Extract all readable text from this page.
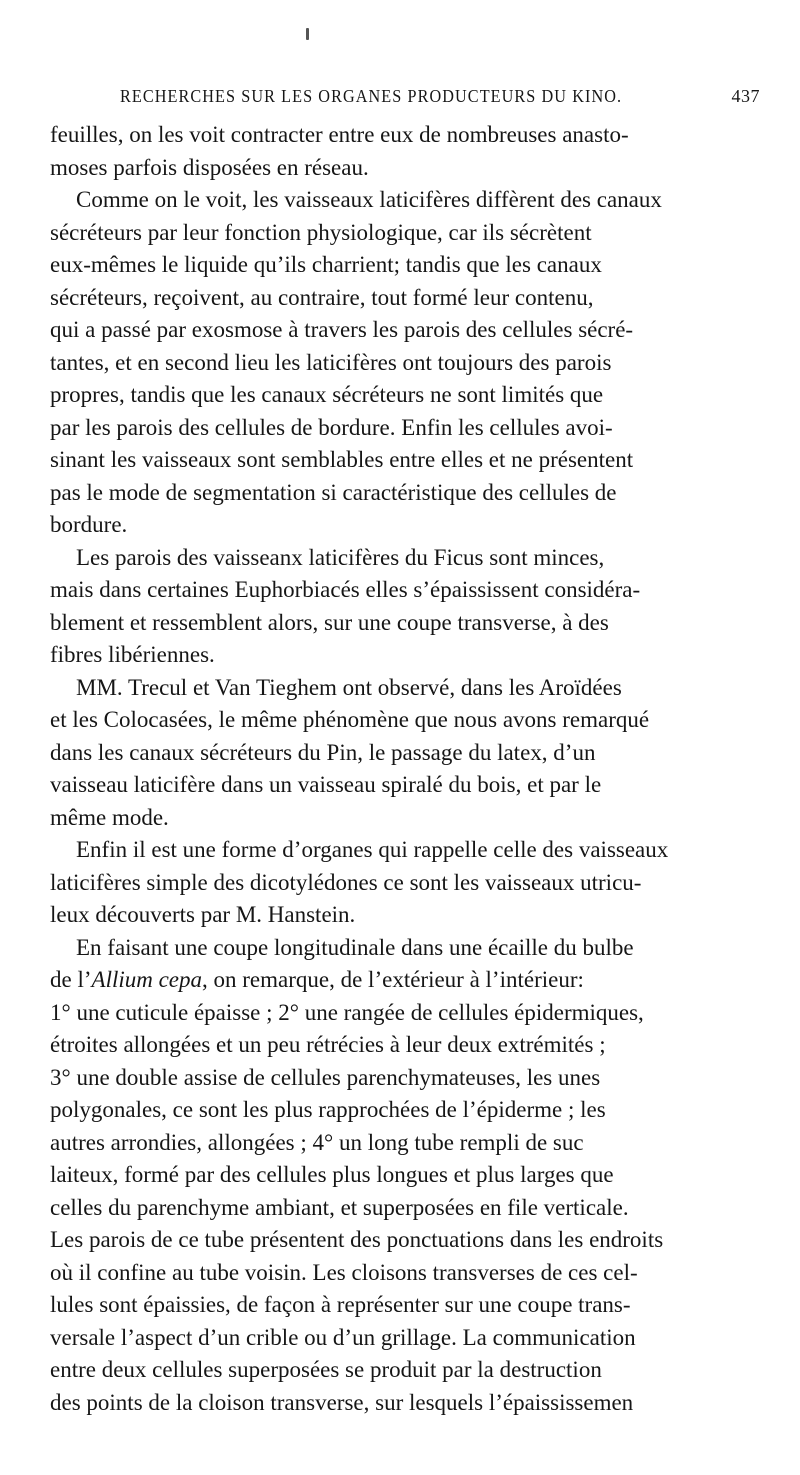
RECHERCHES SUR LES ORGANES PRODUCTEURS DU KINO.	437
feuilles, on les voit contracter entre eux de nombreuses anasto-
moses parfois disposées en réseau.
Comme on le voit, les vaisseaux laticifères diffèrent des canaux
sécréteurs par leur fonction physiologique, car ils sécrètent
eux-mêmes le liquide qu’ils charrient; tandis que les canaux
sécréteurs, reçoivent, au contraire, tout formé leur contenu,
qui a passé par exosmose à travers les parois des cellules sécré-
tantes, et en second lieu les laticifères ont toujours des parois
propres, tandis que les canaux sécréteurs ne sont limités que
par les parois des cellules de bordure. Enfin les cellules avoi-
sinant les vaisseaux sont semblables entre elles et ne présentent
pas le mode de segmentation si caractéristique des cellules de
bordure.
Les parois des vaisseanx laticifères du Ficus sont minces,
mais dans certaines Euphorbiacés elles s’épaississent considéra-
blement et ressemblent alors, sur une coupe transverse, à des
fibres libériennes.
MM. Trecul et Van Tieghem ont observé, dans les Aroïdées
et les Colocasées, le même phénomène que nous avons remarqué
dans les canaux sécréteurs du Pin, le passage du latex, d’un
vaisseau laticifère dans un vaisseau spiralé du bois, et par le
même mode.
Enfin il est une forme d’organes qui rappelle celle des vaisseaux
laticifères simple des dicotylédones ce sont les vaisseaux utricu-
leux découverts par M. Hanstein.
En faisant une coupe longitudinale dans une écaille du bulbe
de l’Allium cepa, on remarque, de l’extérieur à l’intérieur:
1° une cuticule épaisse ; 2° une rangée de cellules épidermiques,
étroites allongées et un peu rétrécies à leur deux extrémités ;
3° une double assise de cellules parenchymateuses, les unes
polygonales, ce sont les plus rapprochées de l’épiderme ; les
autres arrondies, allongées ; 4° un long tube rempli de suc
laiteux, formé par des cellules plus longues et plus larges que
celles du parenchyme ambiant, et superposées en file verticale.
Les parois de ce tube présentent des ponctuations dans les endroits
où il confine au tube voisin. Les cloisons transverses de ces cel-
lules sont épaissies, de façon à représenter sur une coupe trans-
versale l’aspect d’un crible ou d’un grillage. La communication
entre deux cellules superposées se produit par la destruction
des points de la cloison transverse, sur lesquels l’épaississemen
